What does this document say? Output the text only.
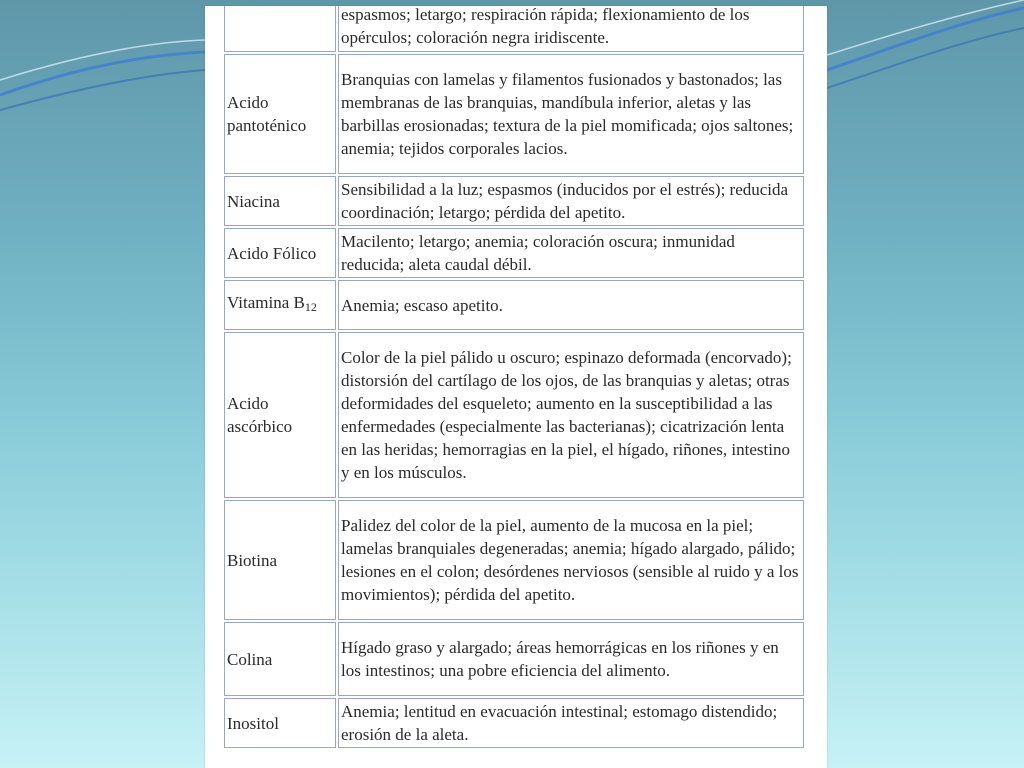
	espasmos; letargo; respiración rápida; flexionamiento de los opérculos; coloración negra iridiscente.
Acido pantoténico	Branquias con lamelas y filamentos fusionados y bastonados; las membranas de las branquias, mandíbula inferior, aletas y las barbillas erosionadas; textura de la piel momificada; ojos saltones; anemia; tejidos corporales lacios.
Niacina	Sensibilidad a la luz; espasmos (inducidos por el estrés); reducida coordinación; letargo; pérdida del apetito.
Acido Fólico	Macilento; letargo; anemia; coloración oscura; inmunidad reducida; aleta caudal débil.
Vitamina $B_{12}$	Anemia; escaso apetito.
Acido ascórbico	Color de la piel pálido u oscuro; espinazo deformada (encorvado); distorsión del cartílago de los ojos, de las branquias y aletas; otras deformidades del esqueleto; aumento en la susceptibilidad a las enfermedades (especialmente las bacterianas); cicatrización lenta en las heridas; hemorragias en la piel, el hígado, riñones, intestino y en los músculos.
Biotina	Palidez del color de la piel, aumento de la mucosa en la piel; lamelas branquiales degeneradas; anemia; hígado alargado, pálido; lesiones en el colon; desórdenes nerviosos (sensible al ruido y a los movimientos); pérdida del apetito.
Colina	Hígado graso y alargado; áreas hemorrágicas en los riñones y en los intestinos; una pobre eficiencia del alimento.
Inositol	Anemia; lentitud en evacuación intestinal; estomago distendido; erosión de la aleta.
